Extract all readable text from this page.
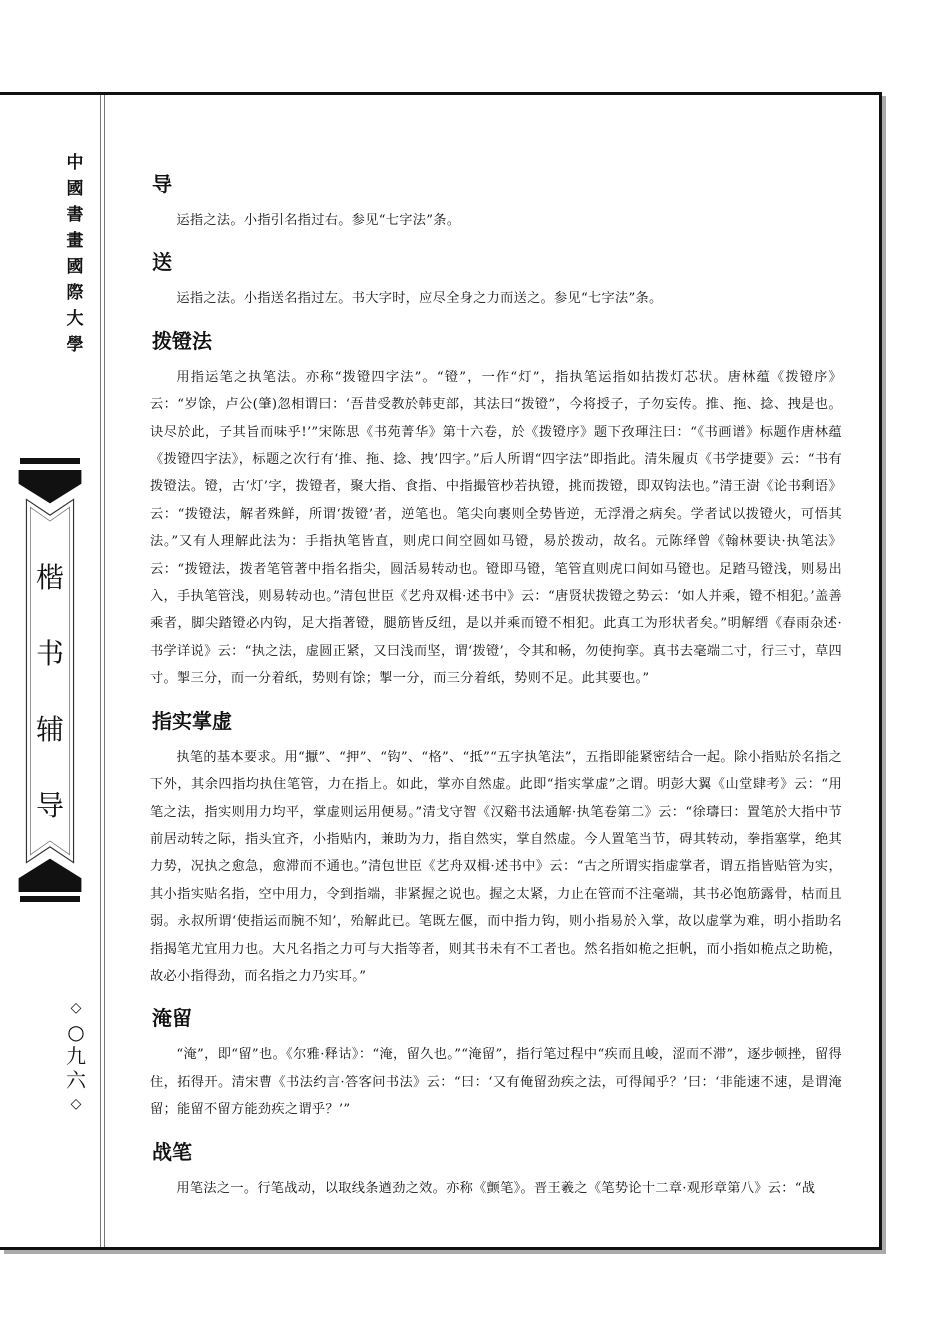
中
國
書
畫
國
際
大
學
楷
书
辅
导
◇
○
九
六
◇
导

运指之法。小指引名指过右。参见“七字法”条。

送

运指之法。小指送名指过左。书大字时，应尽全身之力而送之。参见“七字法”条。

拨镫法

用指运笔之执笔法。亦称“拨镫四字法”。“镫”，一作“灯”，指执笔运指如拈拨灯芯状。唐林蕴《拨镫序》云：“岁馀，卢公(肇)忽相谓曰：‘吾昔受教於韩吏部，其法曰“拨镫”，今将授子，子勿妄传。推、拖、捻、拽是也。诀尽於此，子其旨而味乎!’”宋陈思《书苑菁华》第十六卷，於《拨镫序》题下孜琿注曰：“《书画谱》标题作唐林蕴《拨镫四字法》，标题之次行有‘推、拖、捻、拽’四字。”后人所谓“四字法”即指此。清朱履贞《书学捷要》云：“书有拨镫法。镫，古‘灯’字，拨镫者，聚大指、食指、中指撮管杪若执镫，挑而拨镫，即双钩法也。”清王澍《论书剩语》云：“拨镫法，解者殊鲜，所谓‘拨镫’者，逆笔也。笔尖向裹则全势皆逆，无浮滑之病矣。学者试以拨镫火，可悟其法。”又有人理解此法为：手指执笔皆直，则虎口间空圆如马镫，易於拨动，故名。元陈绎曾《翰林要诀·执笔法》云：“拨镫法，拨者笔管著中指名指尖，圆活易转动也。镫即马镫，笔管直则虎口间如马镫也。足踏马镫浅，则易出入，手执笔管浅，则易转动也。”清包世臣《艺舟双楫·述书中》云：“唐贤状拨镫之势云：‘如人并乘，镫不相犯。’盖善乘者，脚尖踏镫必内钩，足大指著镫，腿筋皆反纽，是以并乘而镫不相犯。此真工为形状者矣。”明解缙《春雨杂述·书学详说》云：“执之法，虚圆正紧，又曰浅而坚，谓‘拨镫’，令其和畅，勿使拘挛。真书去毫端二寸，行三寸，草四寸。掣三分，而一分着纸，势则有馀；掣一分，而三分着纸，势则不足。此其要也。”

指实掌虚

执笔的基本要求。用“擫”、“押”、“钩”、“格”、“抵”“五字执笔法”，五指即能紧密结合一起。除小指贴於名指之下外，其余四指均执住笔管，力在指上。如此，掌亦自然虚。此即“指实掌虚”之谓。明彭大翼《山堂肆考》云：“用笔之法，指实则用力均平，掌虚则运用便易。”清戈守智《汉谿书法通解·执笔卷第二》云：“徐璹曰：置笔於大指中节前居动转之际，指头宜齐，小指贴内，兼助为力，指自然实，掌自然虚。今人置笔当节，碍其转动，拳指塞掌，绝其力势，况执之愈急，愈滞而不通也。”清包世臣《艺舟双楫·述书中》云：“古之所谓实指虚掌者，谓五指皆贴管为实，其小指实贴名指，空中用力，令到指端，非紧握之说也。握之太紧，力止在管而不注毫端，其书必饱筋露骨，枯而且弱。永叔所谓‘使指运而腕不知’，殆解此已。笔既左偃，而中指力钩，则小指易於入掌，故以虚掌为难，明小指助名指揭笔尤宜用力也。大凡名指之力可与大指等者，则其书未有不工者也。然名指如桅之拒帆，而小指如桅点之助桅，故必小指得劲，而名指之力乃实耳。”

淹留

“淹”，即“留”也。《尔雅·释诂》：“淹，留久也。”“淹留”，指行笔过程中“疾而且峻，涩而不滞”，逐步顿挫，留得住，拓得开。清宋曹《书法约言·答客问书法》云：“曰：‘又有俺留劲疾之法，可得闻乎？’曰：‘非能速不速，是谓淹留；能留不留方能劲疾之谓乎？’”

战笔

用笔法之一。行笔战动，以取线条遒劲之效。亦称《颤笔》。晋王羲之《笔势论十二章·观形章第八》云：“战
